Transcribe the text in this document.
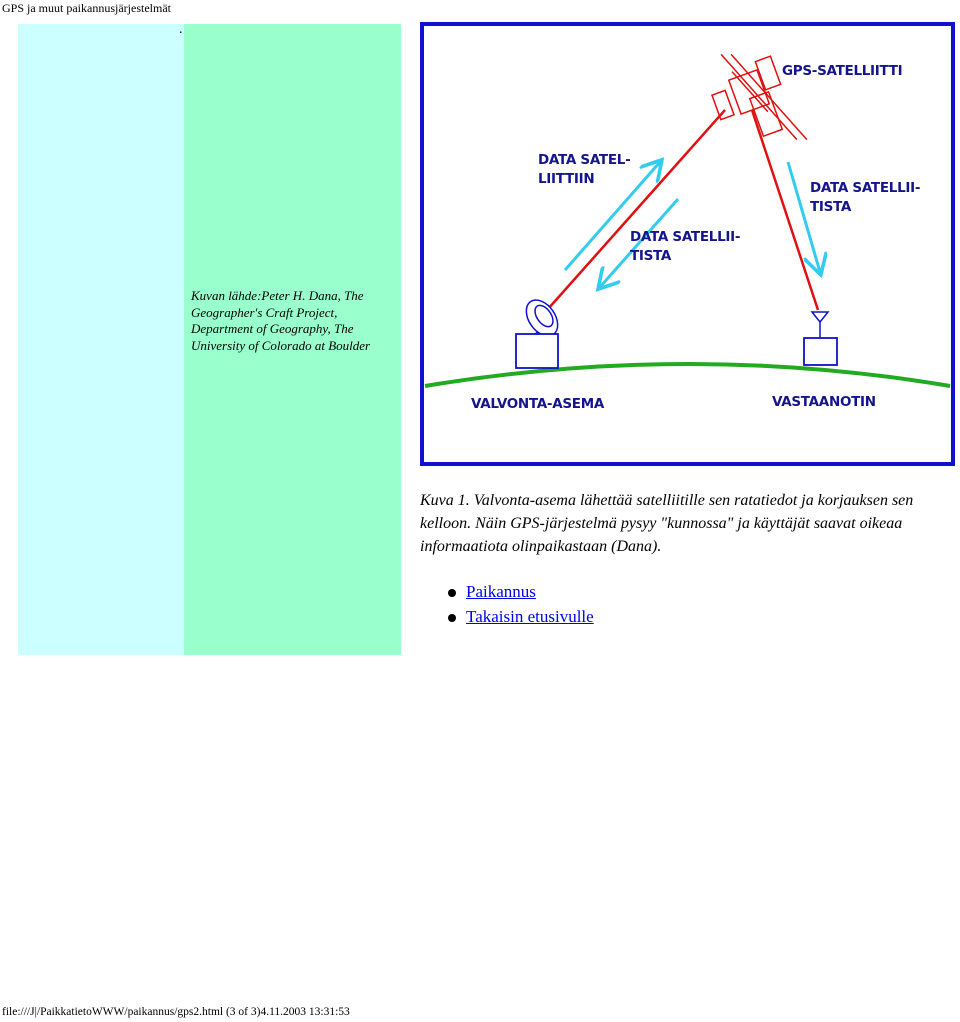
GPS ja muut paikannusjärjestelmät
.
Kuvan lähde:Peter H. Dana, The Geographer's Craft Project, Department of Geography, The University of Colorado at Boulder
GPS-SATELLIITTI
DATA SATEL-
LIITTIIN
DATA SATELLII-
TISTA
DATA SATELLII-
TISTA
VALVONTA-ASEMA	VASTAANOTIN
Kuva 1. Valvonta-asema lähettää satelliitille sen ratatiedot ja korjauksen sen kelloon. Näin GPS-järjestelmä pysyy "kunnossa" ja käyttäjät saavat oikeaa informaatiota olinpaikastaan (Dana).
Paikannus
Takaisin etusivulle
file:///J|/PaikkatietoWWW/paikannus/gps2.html (3 of 3)4.11.2003 13:31:53
